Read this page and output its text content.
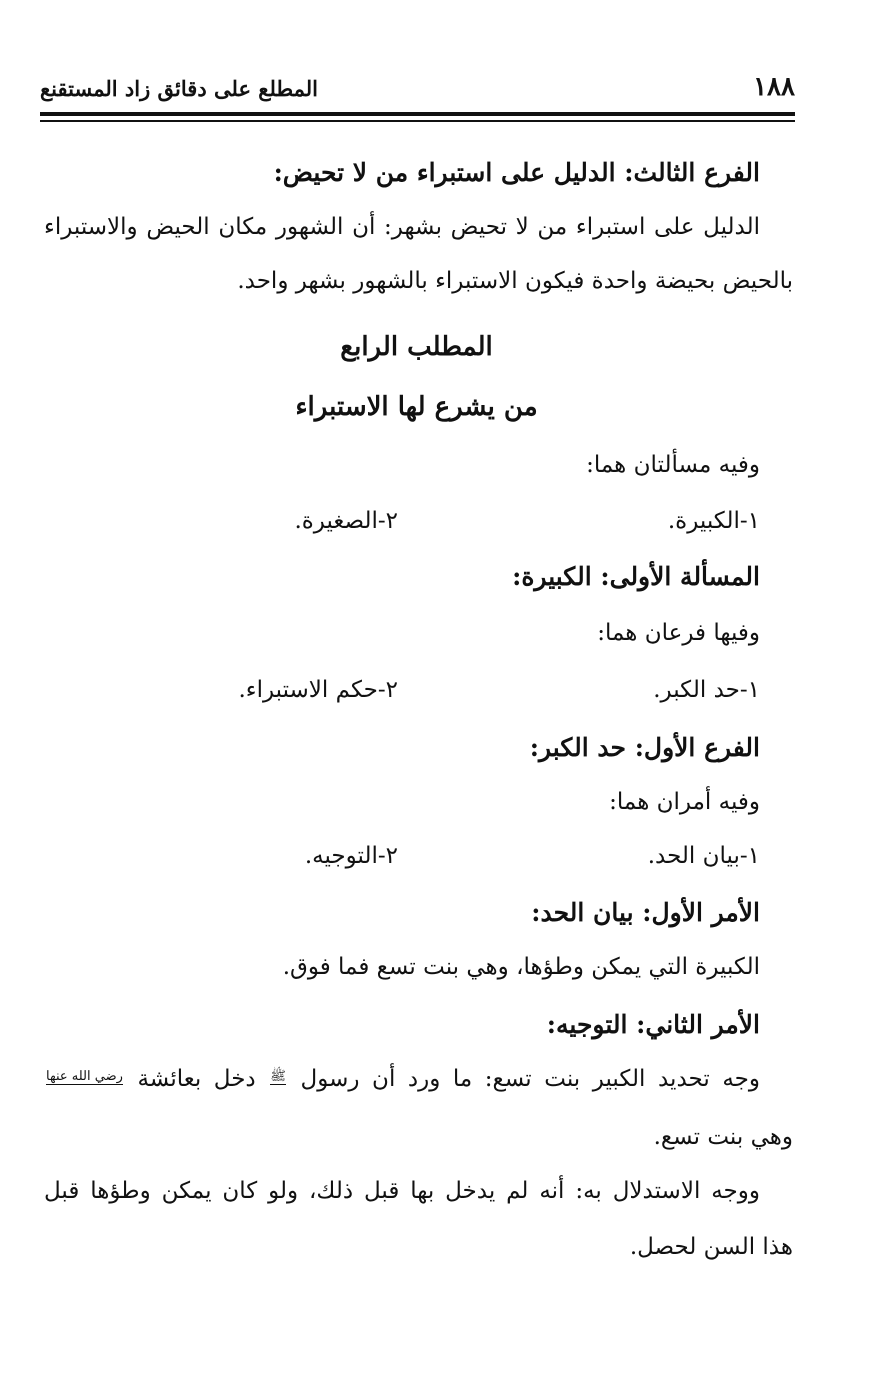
١٨٨
المطلع على دقائق زاد المستقنع
الفرع الثالث: الدليل على استبراء من لا تحيض:
الدليل على استبراء من لا تحيض بشهر: أن الشهور مكان الحيض والاستبراء
بالحيض بحيضة واحدة فيكون الاستبراء بالشهور بشهر واحد.
المطلب الرابع
من يشرع لها الاستبراء
وفيه مسألتان هما:
١-الكبيرة.
٢-الصغيرة.
المسألة الأولى: الكبيرة:
وفيها فرعان هما:
١-حد الكبر.
٢-حكم الاستبراء.
الفرع الأول: حد الكبر:
وفيه أمران هما:
١-بيان الحد.
٢-التوجيه.
الأمر الأول: بيان الحد:
الكبيرة التي يمكن وطؤها، وهي بنت تسع فما فوق.
الأمر الثاني: التوجيه:
وجه تحديد الكبير بنت تسع: ما ورد أن رسول ﷺ دخل بعائشة رضي الله عنها
وهي بنت تسع.
ووجه الاستدلال به: أنه لم يدخل بها قبل ذلك، ولو كان يمكن وطؤها قبل
هذا السن لحصل.
